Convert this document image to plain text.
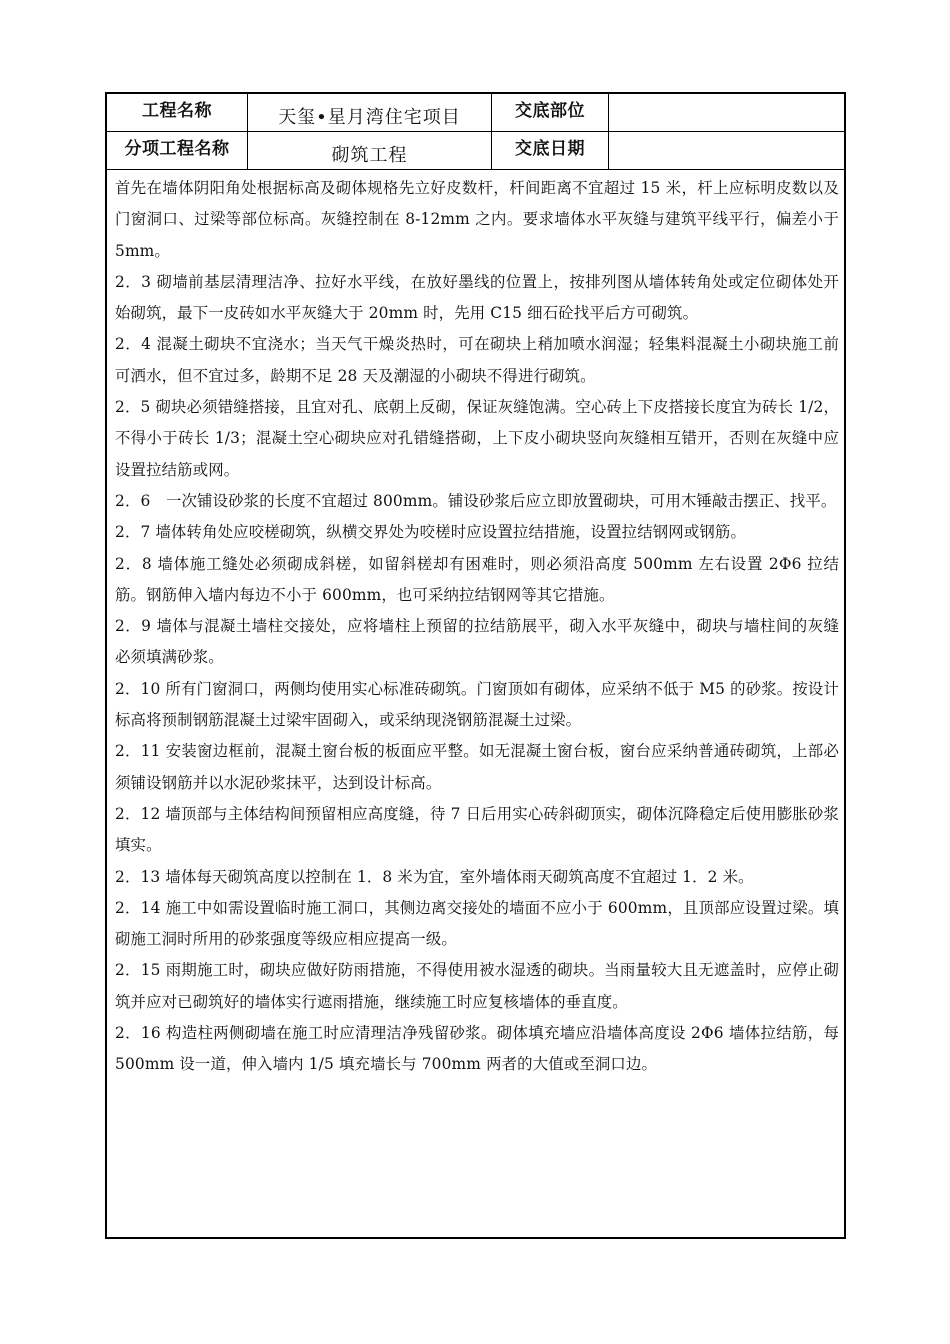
工程名称	天玺•星月湾住宅项目	交底部位
分项工程名称	砌筑工程	交底日期

首先在墙体阴阳角处根据标高及砌体规格先立好皮数杆，杆间距离不宜超过 15 米，杆上应标明皮数以及门窗洞口、过梁等部位标高。灰缝控制在 8-12mm 之内。要求墙体水平灰缝与建筑平线平行，偏差小于 5mm。

2．3 砌墙前基层清理洁净、拉好水平线，在放好墨线的位置上，按排列图从墙体转角处或定位砌体处开始砌筑，最下一皮砖如水平灰缝大于 20mm 时，先用 C15 细石砼找平后方可砌筑。

2．4 混凝土砌块不宜浇水；当天气干燥炎热时，可在砌块上稍加喷水润湿；轻集料混凝土小砌块施工前可洒水，但不宜过多，龄期不足 28 天及潮湿的小砌块不得进行砌筑。

2．5 砌块必须错缝搭接，且宜对孔、底朝上反砌，保证灰缝饱满。空心砖上下皮搭接长度宜为砖长 1/2，不得小于砖长 1/3；混凝土空心砌块应对孔错缝搭砌，上下皮小砌块竖向灰缝相互错开，否则在灰缝中应设置拉结筋或网。

2．6　一次铺设砂浆的长度不宜超过 800mm。铺设砂浆后应立即放置砌块，可用木锤敲击摆正、找平。

2．7 墙体转角处应咬槎砌筑，纵横交界处为咬槎时应设置拉结措施，设置拉结钢网或钢筋。

2．8 墙体施工缝处必须砌成斜槎，如留斜槎却有困难时，则必须沿高度 500mm 左右设置 2Φ6 拉结筋。钢筋伸入墙内每边不小于 600mm，也可采纳拉结钢网等其它措施。

2．9 墙体与混凝土墙柱交接处，应将墙柱上预留的拉结筋展平，砌入水平灰缝中，砌块与墙柱间的灰缝必须填满砂浆。

2．10 所有门窗洞口，两侧均使用实心标准砖砌筑。门窗顶如有砌体，应采纳不低于 M5 的砂浆。按设计标高将预制钢筋混凝土过梁牢固砌入，或采纳现浇钢筋混凝土过梁。

2．11 安装窗边框前，混凝土窗台板的板面应平整。如无混凝土窗台板，窗台应采纳普通砖砌筑，上部必须铺设钢筋并以水泥砂浆抹平，达到设计标高。

2．12 墙顶部与主体结构间预留相应高度缝，待 7 日后用实心砖斜砌顶实，砌体沉降稳定后使用膨胀砂浆填实。

2．13 墙体每天砌筑高度以控制在 1．8 米为宜，室外墙体雨天砌筑高度不宜超过 1．2 米。

2．14 施工中如需设置临时施工洞口，其侧边离交接处的墙面不应小于 600mm，且顶部应设置过梁。填砌施工洞时所用的砂浆强度等级应相应提高一级。

2．15 雨期施工时，砌块应做好防雨措施，不得使用被水湿透的砌块。当雨量较大且无遮盖时，应停止砌筑并应对已砌筑好的墙体实行遮雨措施，继续施工时应复核墙体的垂直度。

2．16 构造柱两侧砌墙在施工时应清理洁净残留砂浆。砌体填充墙应沿墙体高度设 2Φ6 墙体拉结筋，每 500mm 设一道，伸入墙内 1/5 填充墙长与 700mm 两者的大值或至洞口边。
